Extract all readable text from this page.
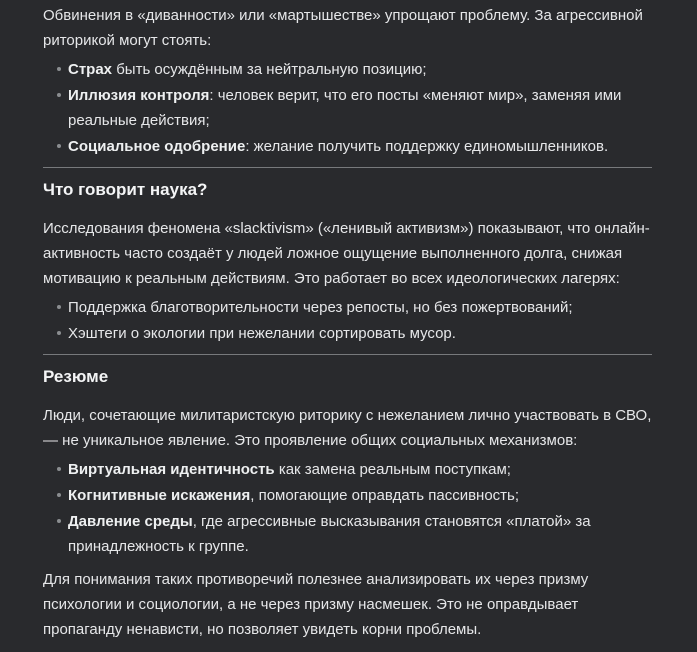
Обвинения в «диванности» или «мартышестве» упрощают проблему. За агрессивной риторикой могут стоять:

Страх быть осуждённым за нейтральную позицию;
Иллюзия контроля: человек верит, что его посты «меняют мир», заменяя ими реальные действия;
Социальное одобрение: желание получить поддержку единомышленников.
Что говорит наука?

Исследования феномена «slacktivism» («ленивый активизм») показывают, что онлайн-активность часто создаёт у людей ложное ощущение выполненного долга, снижая мотивацию к реальным действиям. Это работает во всех идеологических лагерях:

Поддержка благотворительности через репосты, но без пожертвований;
Хэштеги о экологии при нежелании сортировать мусор.
Резюме

Люди, сочетающие милитаристскую риторику с нежеланием лично участвовать в СВО, — не уникальное явление. Это проявление общих социальных механизмов:

Виртуальная идентичность как замена реальным поступкам;
Когнитивные искажения, помогающие оправдать пассивность;
Давление среды, где агрессивные высказывания становятся «платой» за принадлежность к группе.

Для понимания таких противоречий полезнее анализировать их через призму психологии и социологии, а не через призму насмешек. Это не оправдывает пропаганду ненависти, но позволяет увидеть корни проблемы.
